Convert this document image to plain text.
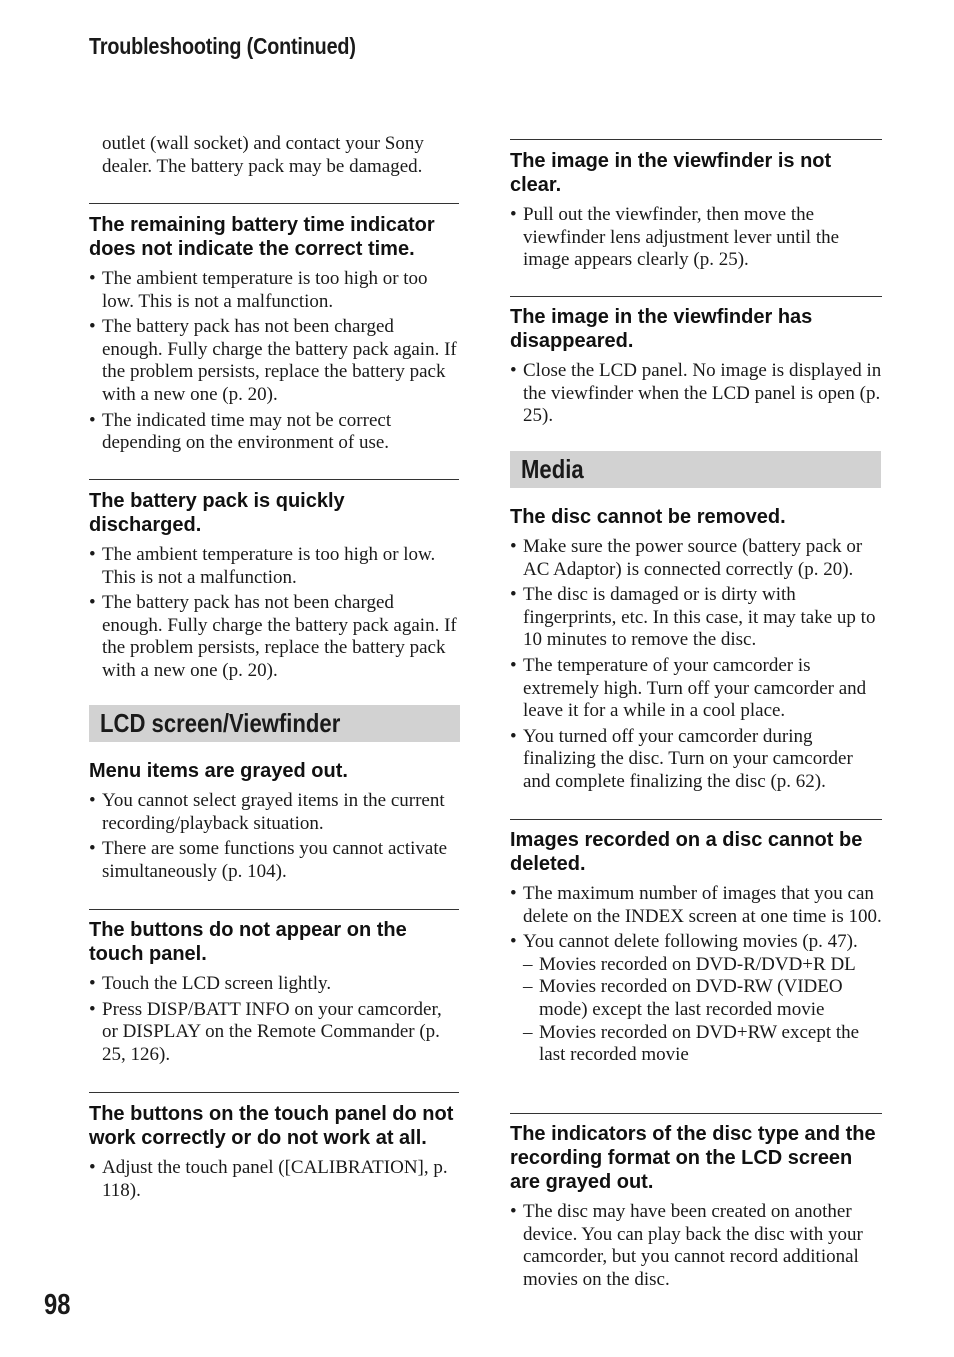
Troubleshooting (Continued)

outlet (wall socket) and contact your Sony dealer. The battery pack may be damaged.

The remaining battery time indicator does not indicate the correct time.
• The ambient temperature is too high or too low. This is not a malfunction.
• The battery pack has not been charged enough. Fully charge the battery pack again. If the problem persists, replace the battery pack with a new one (p. 20).
• The indicated time may not be correct depending on the environment of use.
The battery pack is quickly discharged.
• The ambient temperature is too high or low. This is not a malfunction.
• The battery pack has not been charged enough. Fully charge the battery pack again. If the problem persists, replace the battery pack with a new one (p. 20).
LCD screen/Viewfinder
Menu items are grayed out.
• You cannot select grayed items in the current recording/playback situation.
• There are some functions you cannot activate simultaneously (p. 104).
The buttons do not appear on the touch panel.
• Touch the LCD screen lightly.
• Press DISP/BATT INFO on your camcorder, or DISPLAY on the Remote Commander (p. 25, 126).
The buttons on the touch panel do not work correctly or do not work at all.
• Adjust the touch panel ([CALIBRATION], p. 118).
The image in the viewfinder is not clear.
• Pull out the viewfinder, then move the viewfinder lens adjustment lever until the image appears clearly (p. 25).
The image in the viewfinder has disappeared.
• Close the LCD panel. No image is displayed in the viewfinder when the LCD panel is open (p. 25).
Media
The disc cannot be removed.
• Make sure the power source (battery pack or AC Adaptor) is connected correctly (p. 20).
• The disc is damaged or is dirty with fingerprints, etc. In this case, it may take up to 10 minutes to remove the disc.
• The temperature of your camcorder is extremely high. Turn off your camcorder and leave it for a while in a cool place.
• You turned off your camcorder during finalizing the disc. Turn on your camcorder and complete finalizing the disc (p. 62).
Images recorded on a disc cannot be deleted.
• The maximum number of images that you can delete on the INDEX screen at one time is 100.
• You cannot delete following movies (p. 47).
– Movies recorded on DVD-R/DVD+R DL
– Movies recorded on DVD-RW (VIDEO mode) except the last recorded movie
– Movies recorded on DVD+RW except the last recorded movie
The indicators of the disc type and the recording format on the LCD screen are grayed out.
• The disc may have been created on another device. You can play back the disc with your camcorder, but you cannot record additional movies on the disc.
98
